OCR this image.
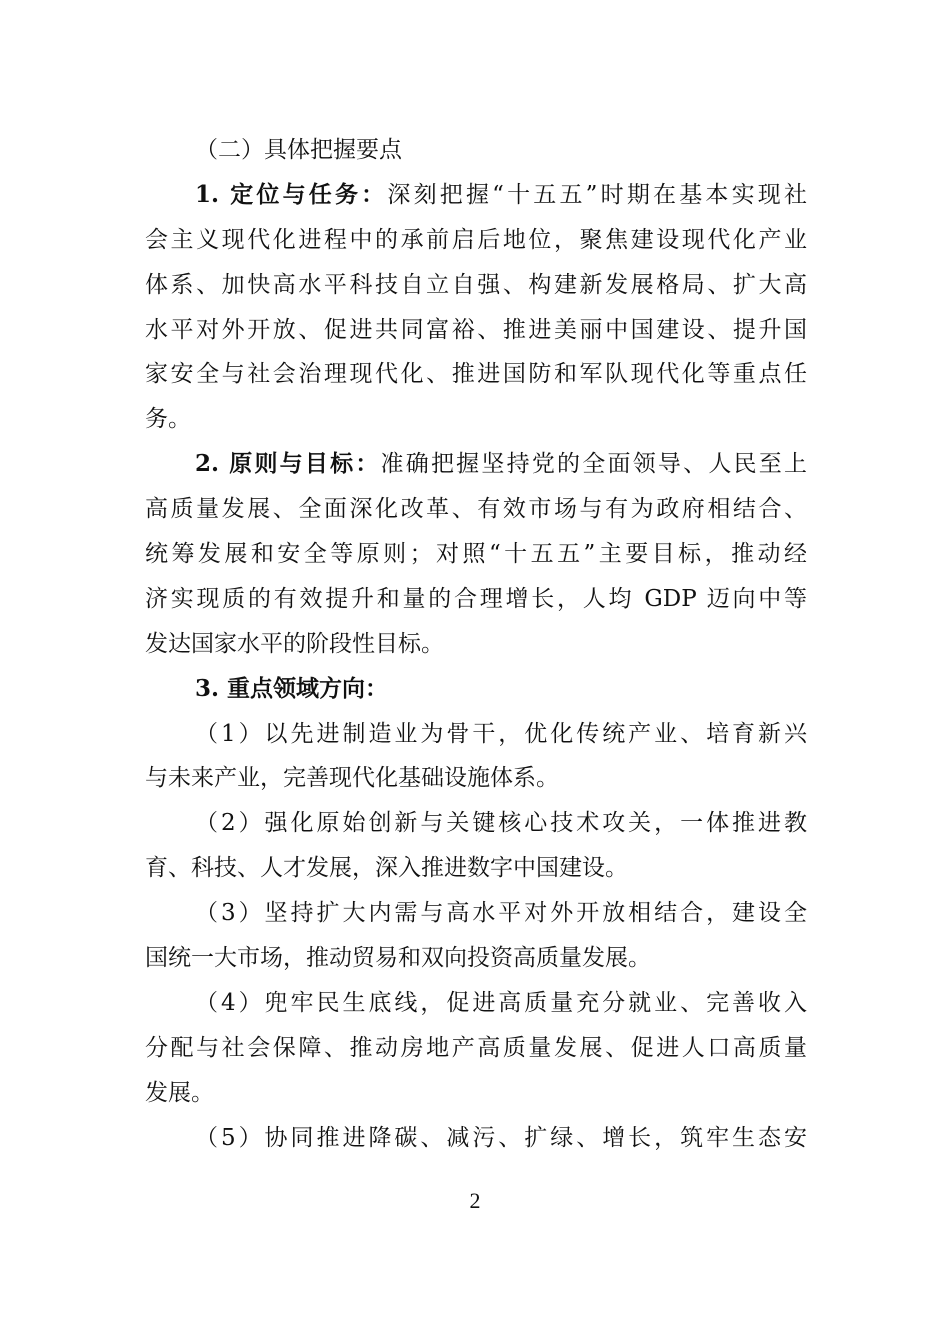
（二）具体把握要点
1. 定位与任务：深刻把握“十五五”时期在基本实现社
会主义现代化进程中的承前启后地位，聚焦建设现代化产业
体系、加快高水平科技自立自强、构建新发展格局、扩大高
水平对外开放、促进共同富裕、推进美丽中国建设、提升国
家安全与社会治理现代化、推进国防和军队现代化等重点任
务。
2. 原则与目标：准确把握坚持党的全面领导、人民至上
高质量发展、全面深化改革、有效市场与有为政府相结合、
统筹发展和安全等原则；对照“十五五”主要目标，推动经
济实现质的有效提升和量的合理增长，人均 GDP 迈向中等
发达国家水平的阶段性目标。
3. 重点领域方向：
（1）以先进制造业为骨干，优化传统产业、培育新兴
与未来产业，完善现代化基础设施体系。
（2）强化原始创新与关键核心技术攻关，一体推进教
育、科技、人才发展，深入推进数字中国建设。
（3）坚持扩大内需与高水平对外开放相结合，建设全
国统一大市场，推动贸易和双向投资高质量发展。
（4）兜牢民生底线，促进高质量充分就业、完善收入
分配与社会保障、推动房地产高质量发展、促进人口高质量
发展。
（5）协同推进降碳、减污、扩绿、增长，筑牢生态安
2
